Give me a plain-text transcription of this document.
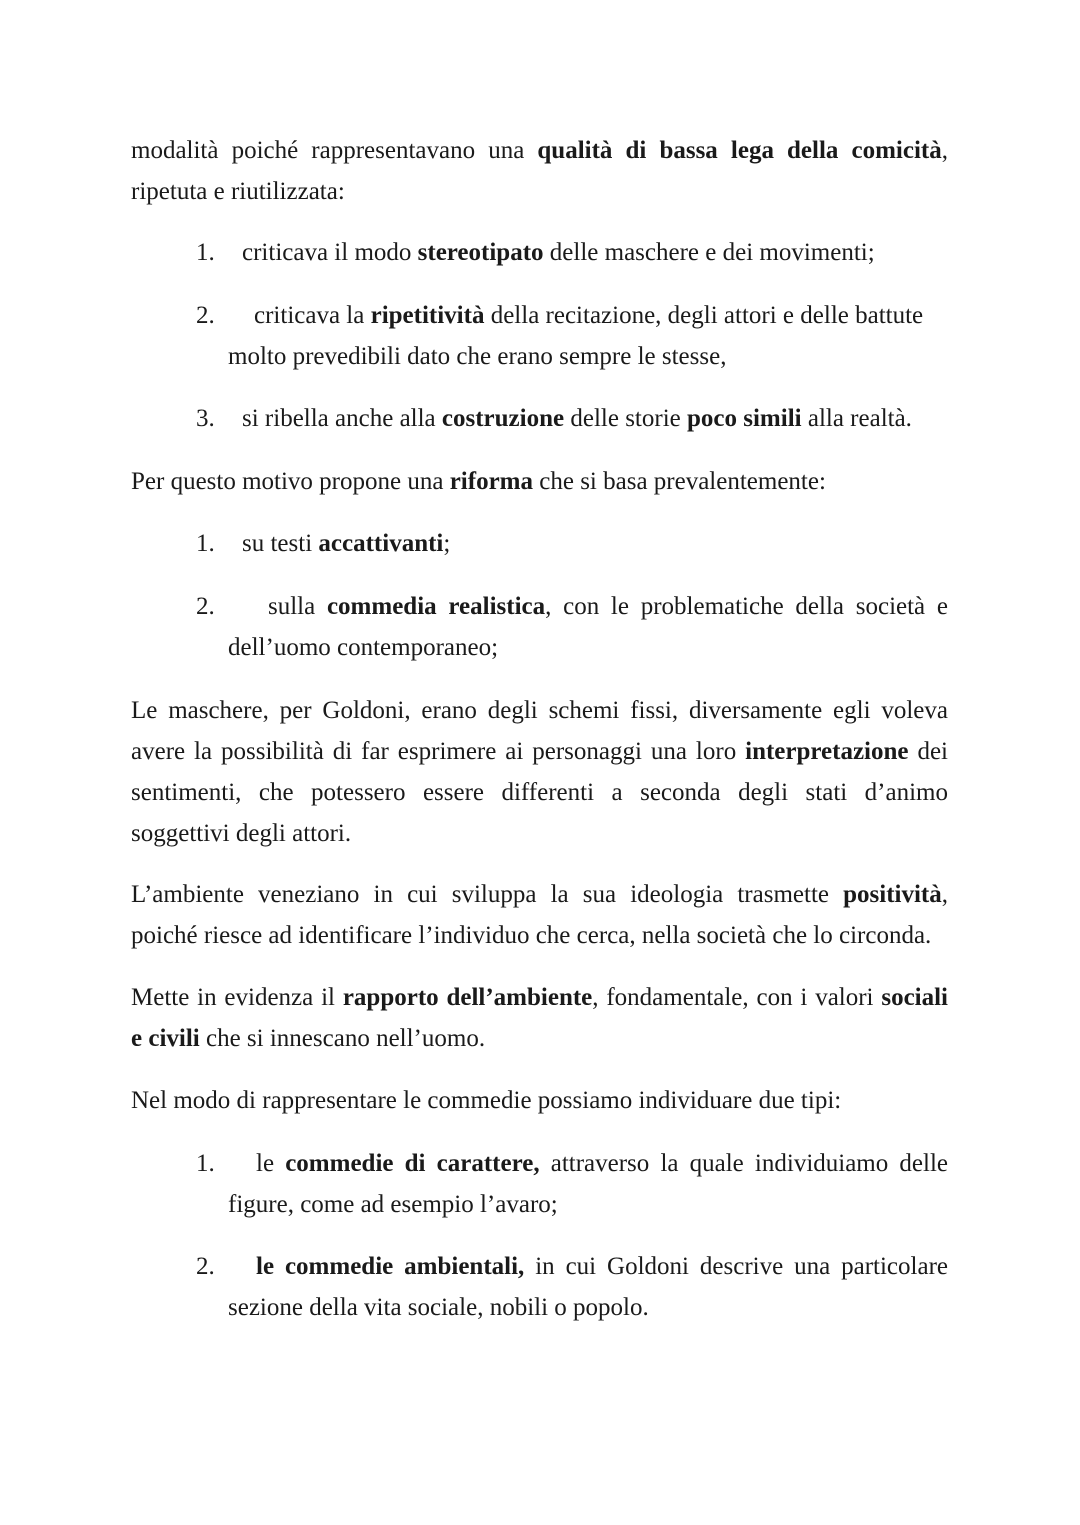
modalità poiché rappresentavano una qualità di bassa lega della comicità, ripetuta e riutilizzata:

1. criticava il modo stereotipato delle maschere e dei movimenti;
2. criticava la ripetitività della recitazione, degli attori e delle battute
molto prevedibili dato che erano sempre le stesse,
3. si ribella anche alla costruzione delle storie poco simili alla realtà.

Per questo motivo propone una riforma che si basa prevalentemente:

1. su testi accattivanti;
2. sulla commedia realistica, con le problematiche della società e
dell’uomo contemporaneo;

Le maschere, per Goldoni, erano degli schemi fissi, diversamente egli voleva avere la possibilità di far esprimere ai personaggi una loro interpretazione dei sentimenti, che potessero essere differenti a seconda degli stati d’animo soggettivi degli attori.

L’ambiente veneziano in cui sviluppa la sua ideologia trasmette positività, poiché riesce ad identificare l’individuo che cerca, nella società che lo circonda.

Mette in evidenza il rapporto dell’ambiente, fondamentale, con i valori sociali e civili che si innescano nell’uomo.

Nel modo di rappresentare le commedie possiamo individuare due tipi:

1. le commedie di carattere, attraverso la quale individuiamo delle
figure, come ad esempio l’avaro;
2. le commedie ambientali, in cui Goldoni descrive una particolare
sezione della vita sociale, nobili o popolo.
